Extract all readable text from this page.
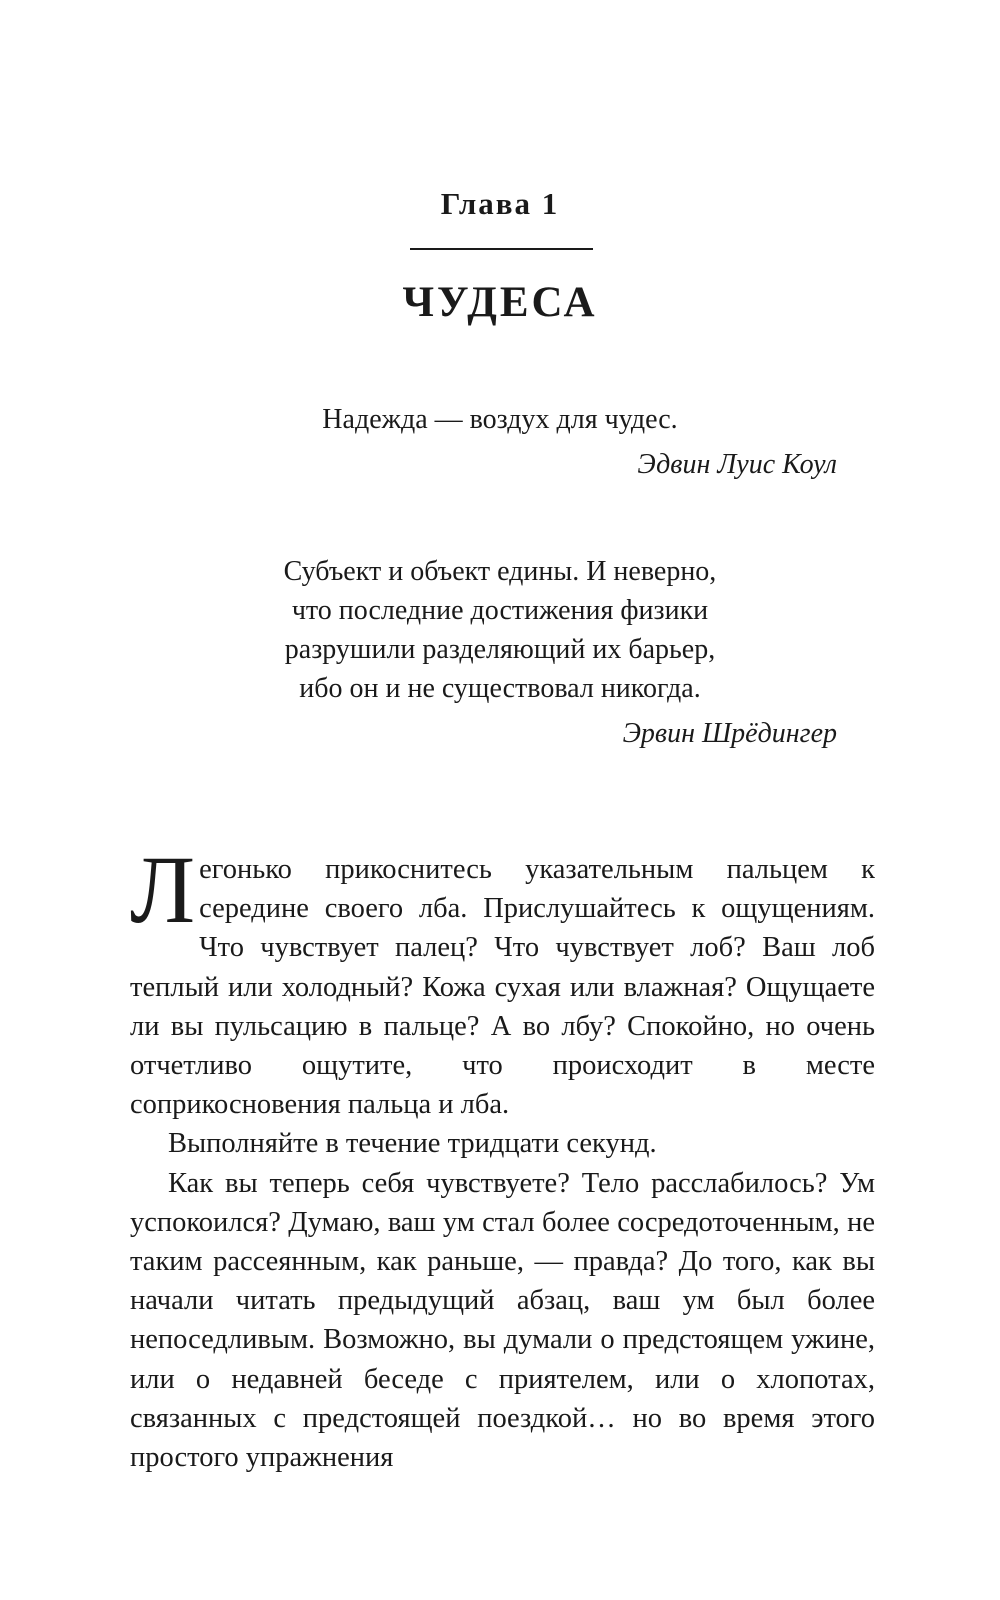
Глава 1
ЧУДЕСА
Надежда — воздух для чудес.
Эдвин Луис Коул
Субъект и объект едины. И неверно,
что последние достижения физики
разрушили разделяющий их барьер,
ибо он и не существовал никогда.
Эрвин Шрёдингер

Легонько прикоснитесь указательным пальцем к середине своего лба. Прислушайтесь к ощущениям. Что чувствует палец? Что чувствует лоб? Ваш лоб теплый или холодный? Кожа сухая или влажная? Ощущаете ли вы пульсацию в пальце? А во лбу? Спокойно, но очень отчетливо ощутите, что происходит в месте соприкосновения пальца и лба.

Выполняйте в течение тридцати секунд.

Как вы теперь себя чувствуете? Тело расслабилось? Ум успокоился? Думаю, ваш ум стал более сосредоточенным, не таким рассеянным, как раньше, — правда? До того, как вы начали читать предыдущий абзац, ваш ум был более непоседливым. Возможно, вы думали о предстоящем ужине, или о недавней беседе с приятелем, или о хлопотах, связанных с предстоящей поездкой… но во время этого простого упражнения
